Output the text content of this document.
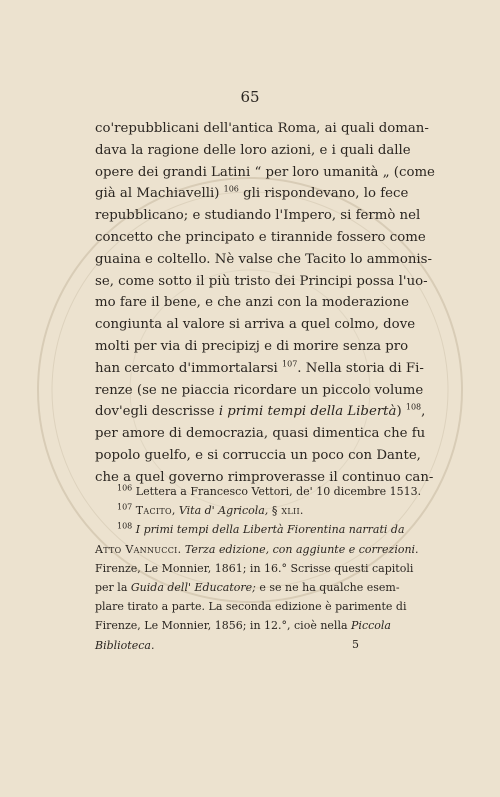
65
co'repubblicani dell'antica Roma, ai quali doman-
dava la ragione delle loro azioni, e i quali dalle
opere dei grandi Latini “ per loro umanità „ (come
già al Machiavelli) $^{106}$ gli rispondevano, lo fece
repubblicano; e studiando l'Impero, si fermò nel
concetto che principato e tirannide fossero come
guaina e coltello. Nè valse che Tacito lo ammonis-
se, come sotto il più tristo dei Principi possa l'uo-
mo fare il bene, e che anzi con la moderazione
congiunta al valore si arriva a quel colmo, dove
molti per via di precipizj e di morire senza pro
han cercato d'immortalarsi $^{107}$. Nella storia di Fi-
renze (se ne piaccia ricordare un piccolo volume
dov'egli descrisse i primi tempi della Libertà) $^{108}$,
per amore di democrazia, quasi dimentica che fu
popolo guelfo, e si corruccia un poco con Dante,
che a quel governo rimproverasse il continuo can-
$^{106}$ Lettera a Francesco Vettori, de' 10 dicembre 1513.
$^{107}$ Tacito, Vita d' Agricola, § xlii.
$^{108}$ I primi tempi della Libertà Fiorentina narrati da
Atto Vannucci. Terza edizione, con aggiunte e correzioni.
Firenze, Le Monnier, 1861; in 16.° Scrisse questi capitoli
per la Guida dell' Educatore; e se ne ha qualche esem-
plare tirato a parte. La seconda edizione è parimente di
Firenze, Le Monnier, 1856; in 12.°, cioè nella Piccola
Biblioteca.	5
